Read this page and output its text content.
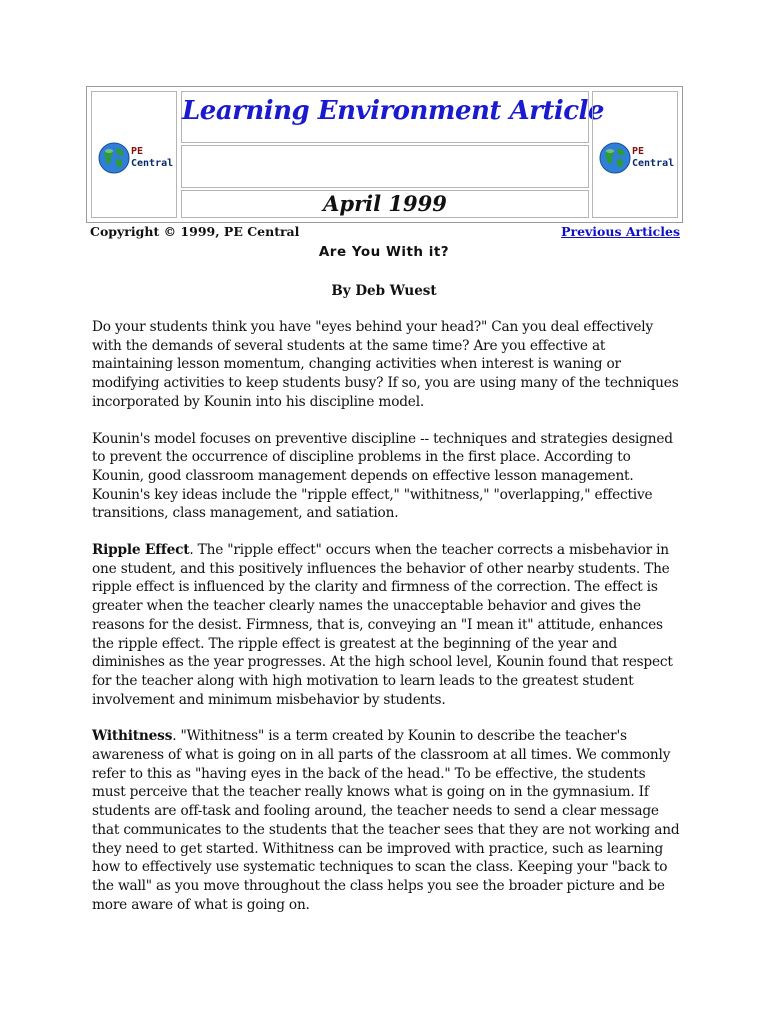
PE
Central
Learning Environment Article
April 1999
PE
Central
Copyright © 1999, PE Central	Previous Articles
Are You With it?
By Deb Wuest

Do your students think you have "eyes behind your head?" Can you deal effectively with the demands of several students at the same time? Are you effective at maintaining lesson momentum, changing activities when interest is waning or modifying activities to keep students busy? If so, you are using many of the techniques incorporated by Kounin into his discipline model.

Kounin's model focuses on preventive discipline -- techniques and strategies designed to prevent the occurrence of discipline problems in the first place. According to Kounin, good classroom management depends on effective lesson management. Kounin's key ideas include the "ripple effect," "withitness," "overlapping," effective transitions, class management, and satiation.

Ripple Effect. The "ripple effect" occurs when the teacher corrects a misbehavior in one student, and this positively influences the behavior of other nearby students. The ripple effect is influenced by the clarity and firmness of the correction. The effect is greater when the teacher clearly names the unacceptable behavior and gives the reasons for the desist. Firmness, that is, conveying an "I mean it" attitude, enhances the ripple effect. The ripple effect is greatest at the beginning of the year and diminishes as the year progresses. At the high school level, Kounin found that respect for the teacher along with high motivation to learn leads to the greatest student involvement and minimum misbehavior by students.

Withitness. "Withitness" is a term created by Kounin to describe the teacher's awareness of what is going on in all parts of the classroom at all times. We commonly refer to this as "having eyes in the back of the head." To be effective, the students must perceive that the teacher really knows what is going on in the gymnasium. If students are off-task and fooling around, the teacher needs to send a clear message that communicates to the students that the teacher sees that they are not working and they need to get started. Withitness can be improved with practice, such as learning how to effectively use systematic techniques to scan the class. Keeping your "back to the wall" as you move throughout the class helps you see the broader picture and be more aware of what is going on.
